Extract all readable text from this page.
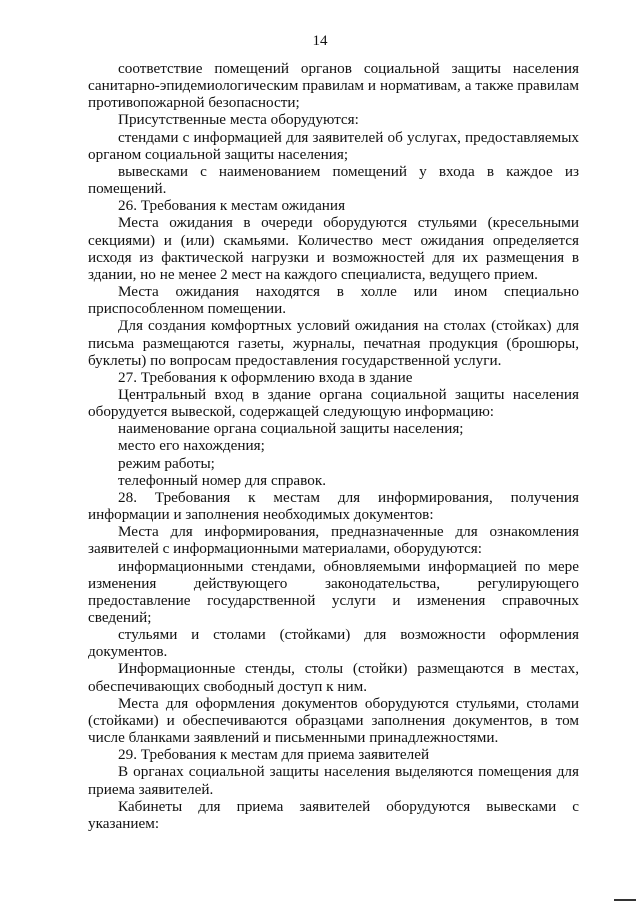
14

соответствие помещений органов социальной защиты населения санитарно-эпидемиологическим правилам и нормативам, а также правилам противопожарной безопасности;

Присутственные места оборудуются:

стендами с информацией для заявителей об услугах, предоставляемых органом социальной защиты населения;

вывесками с наименованием помещений у входа в каждое из помещений.

26. Требования к местам ожидания

Места ожидания в очереди оборудуются стульями (кресельными секциями) и (или) скамьями. Количество мест ожидания определяется исходя из фактической нагрузки и возможностей для их размещения в здании, но не менее 2 мест на каждого специалиста, ведущего прием.

Места ожидания находятся в холле или ином специально приспособленном помещении.

Для создания комфортных условий ожидания на столах (стойках) для письма размещаются газеты, журналы, печатная продукция (брошюры, буклеты) по вопросам предоставления государственной услуги.

27. Требования к оформлению входа в здание

Центральный вход в здание органа социальной защиты населения оборудуется вывеской, содержащей следующую информацию:

наименование органа социальной защиты населения;

место его нахождения;

режим работы;

телефонный номер для справок.

28. Требования к местам для информирования, получения информации и заполнения необходимых документов:

Места для информирования, предназначенные для ознакомления заявителей с информационными материалами, оборудуются:

информационными стендами, обновляемыми информацией по мере изменения действующего законодательства, регулирующего предоставление государственной услуги и изменения справочных сведений;

стульями и столами (стойками) для возможности оформления документов.

Информационные стенды, столы (стойки) размещаются в местах, обеспечивающих свободный доступ к ним.

Места для оформления документов оборудуются стульями, столами (стойками) и обеспечиваются образцами заполнения документов, в том числе бланками заявлений и письменными принадлежностями.

29. Требования к местам для приема заявителей

В органах социальной защиты населения выделяются помещения для приема заявителей.

Кабинеты для приема заявителей оборудуются вывесками с указанием:
